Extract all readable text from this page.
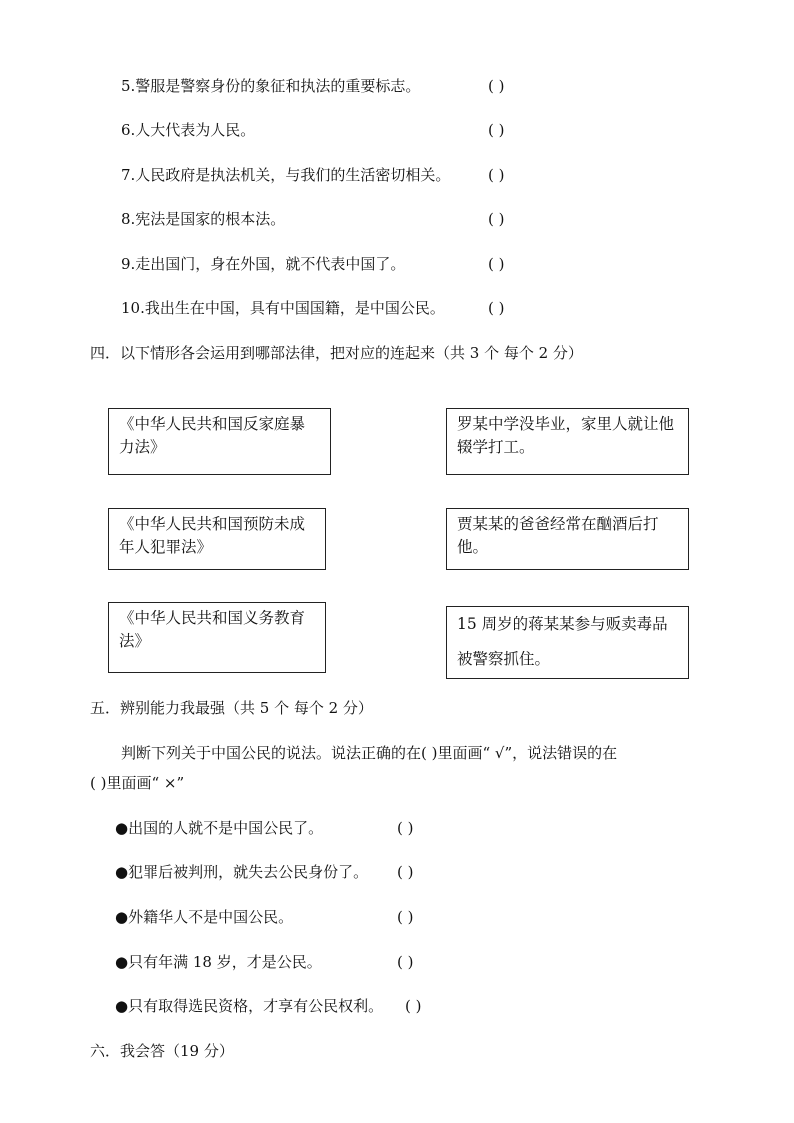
5.警服是警察身份的象征和执法的重要标志。	( )
6.人大代表为人民。	( )
7.人民政府是执法机关，与我们的生活密切相关。	( )
8.宪法是国家的根本法。	( )
9.走出国门，身在外国，就不代表中国了。	( )
10.我出生在中国，具有中国国籍，是中国公民。	( )
四．以下情形各会运用到哪部法律，把对应的连起来（共 3 个 每个 2 分）
《中华人民共和国反家庭暴力法》
《中华人民共和国预防未成年人犯罪法》
《中华人民共和国义务教育法》
罗某中学没毕业，家里人就让他辍学打工。
贾某某的爸爸经常在酗酒后打他。
15 周岁的蒋某某参与贩卖毒品
被警察抓住。
五．辨别能力我最强（共 5 个 每个 2 分）
判断下列关于中国公民的说法。说法正确的在( )里面画“ √”，说法错误的在
( )里面画“ ×”
●出国的人就不是中国公民了。	( )
●犯罪后被判刑，就失去公民身份了。 ( )
●外籍华人不是中国公民。	( )
●只有年满 18 岁，才是公民。	( )
●只有取得选民资格，才享有公民权利。 ( )
六．我会答（19 分）
